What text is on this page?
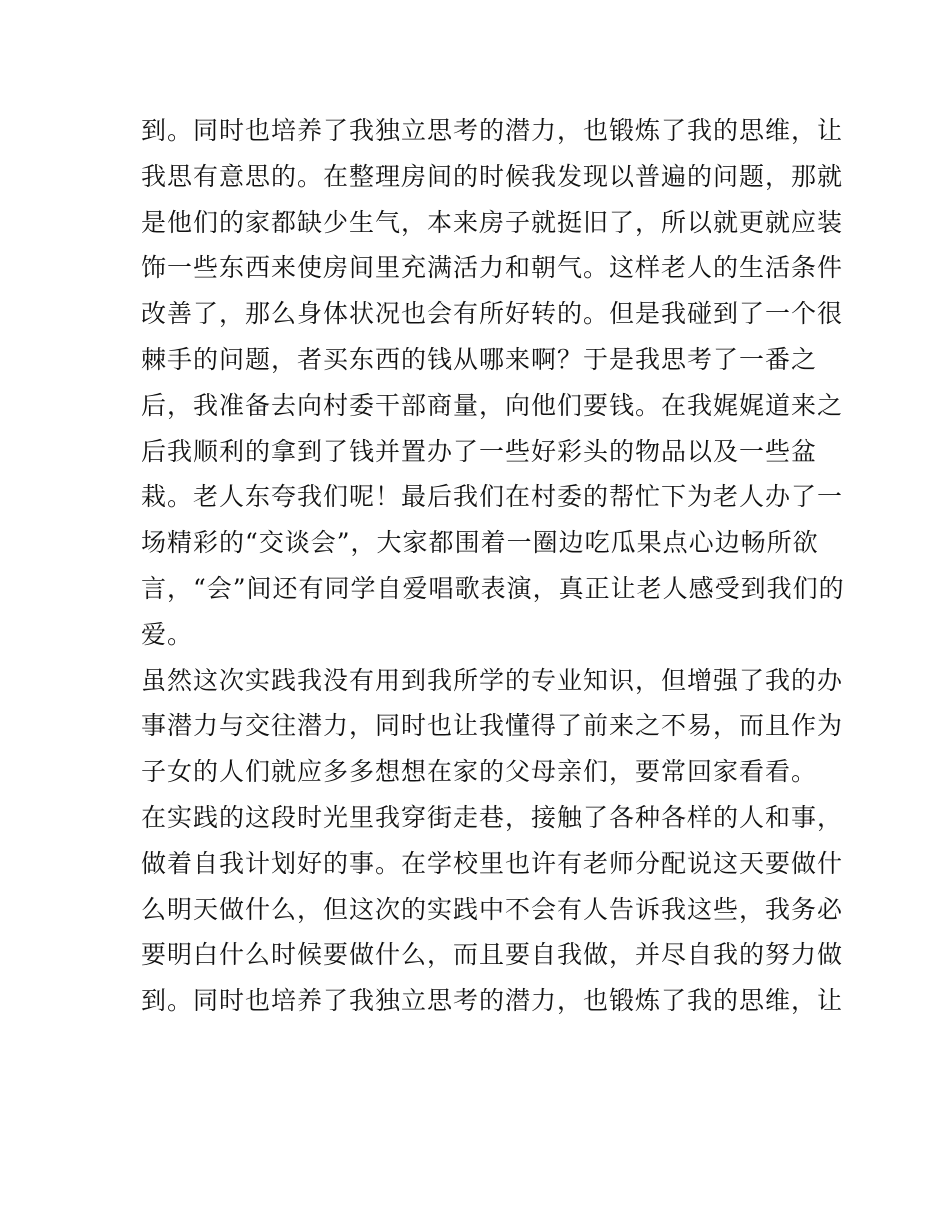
到。同时也培养了我独立思考的潜力，也锻炼了我的思维，让
我思有意思的。在整理房间的时候我发现以普遍的问题，那就
是他们的家都缺少生气，本来房子就挺旧了，所以就更就应装
饰一些东西来使房间里充满活力和朝气。这样老人的生活条件
改善了，那么身体状况也会有所好转的。但是我碰到了一个很
棘手的问题，者买东西的钱从哪来啊？于是我思考了一番之
后，我准备去向村委干部商量，向他们要钱。在我娓娓道来之
后我顺利的拿到了钱并置办了一些好彩头的物品以及一些盆
栽。老人东夸我们呢！最后我们在村委的帮忙下为老人办了一
场精彩的“交谈会”，大家都围着一圈边吃瓜果点心边畅所欲
言，“会”间还有同学自爱唱歌表演，真正让老人感受到我们的
爱。
虽然这次实践我没有用到我所学的专业知识，但增强了我的办
事潜力与交往潜力，同时也让我懂得了前来之不易，而且作为
子女的人们就应多多想想在家的父母亲们，要常回家看看。
在实践的这段时光里我穿街走巷，接触了各种各样的人和事，
做着自我计划好的事。在学校里也许有老师分配说这天要做什
么明天做什么，但这次的实践中不会有人告诉我这些，我务必
要明白什么时候要做什么，而且要自我做，并尽自我的努力做
到。同时也培养了我独立思考的潜力，也锻炼了我的思维，让
